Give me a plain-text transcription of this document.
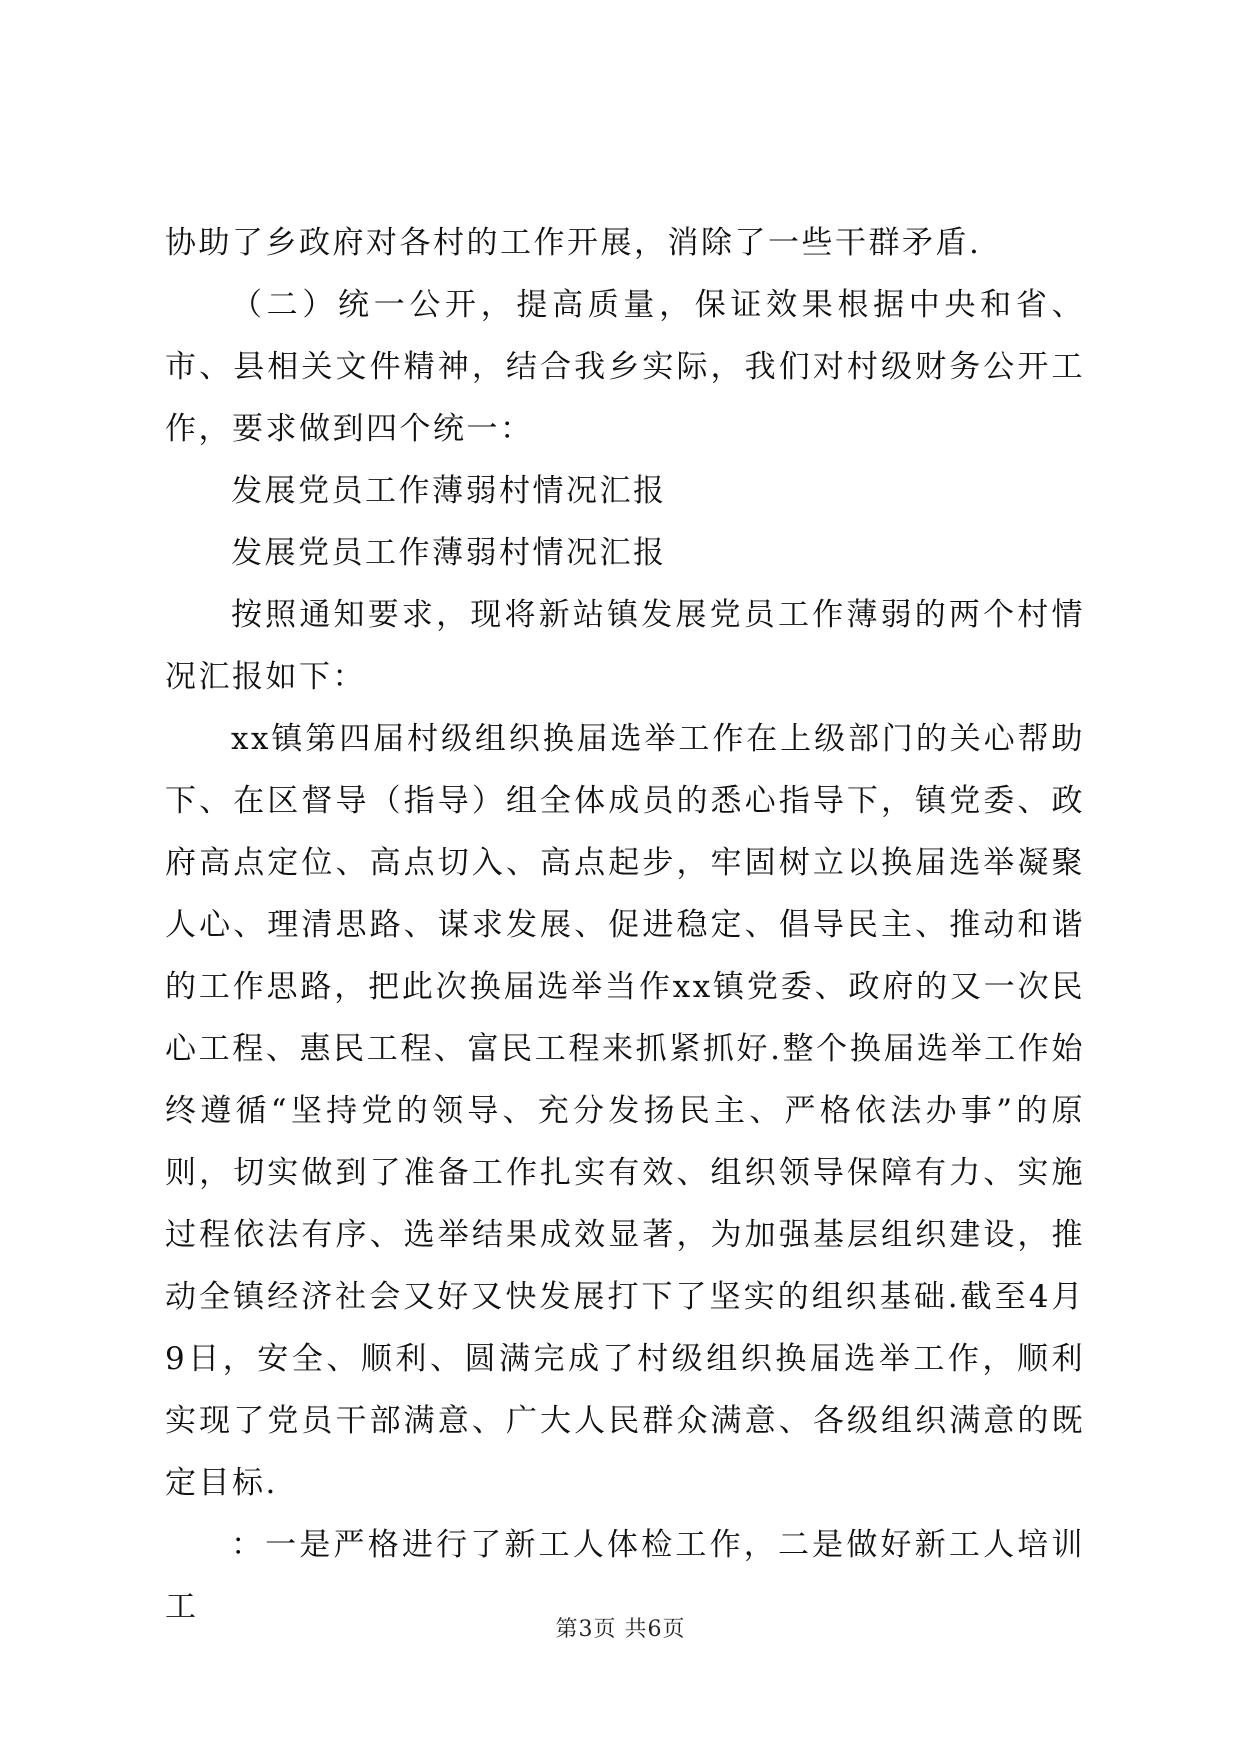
协助了乡政府对各村的工作开展，消除了一些干群矛盾.

（二）统一公开，提高质量，保证效果根据中央和省、市、县相关文件精神，结合我乡实际，我们对村级财务公开工作，要求做到四个统一：

发展党员工作薄弱村情况汇报

发展党员工作薄弱村情况汇报

按照通知要求，现将新站镇发展党员工作薄弱的两个村情况汇报如下：

xx镇第四届村级组织换届选举工作在上级部门的关心帮助下、在区督导（指导）组全体成员的悉心指导下，镇党委、政府高点定位、高点切入、高点起步，牢固树立以换届选举凝聚人心、理清思路、谋求发展、促进稳定、倡导民主、推动和谐的工作思路，把此次换届选举当作xx镇党委、政府的又一次民心工程、惠民工程、富民工程来抓紧抓好.整个换届选举工作始终遵循“坚持党的领导、充分发扬民主、严格依法办事”的原则，切实做到了准备工作扎实有效、组织领导保障有力、实施过程依法有序、选举结果成效显著，为加强基层组织建设，推动全镇经济社会又好又快发展打下了坚实的组织基础.截至4月9日，安全、顺利、圆满完成了村级组织换届选举工作，顺利实现了党员干部满意、广大人民群众满意、各级组织满意的既定目标.

：一是严格进行了新工人体检工作，二是做好新工人培训工

第3页 共6页
